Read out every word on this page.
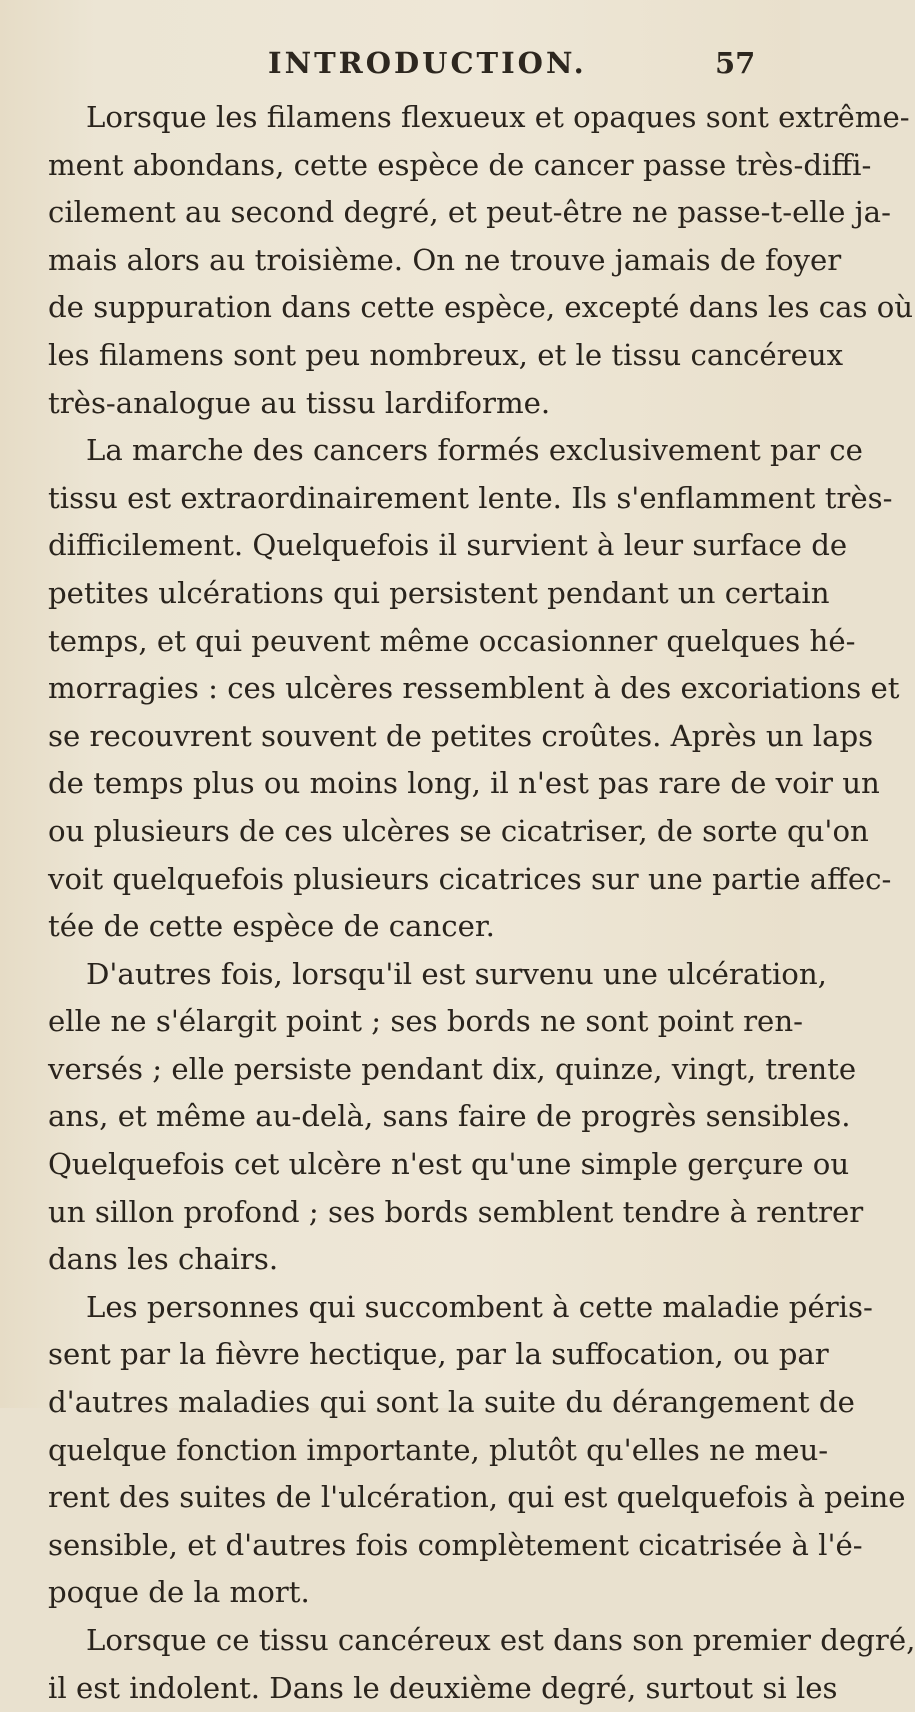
INTRODUCTION.	57
Lorsque les filamens flexueux et opaques sont extrême-
ment abondans, cette espèce de cancer passe très-diffi-
cilement au second degré, et peut-être ne passe-t-elle ja-
mais alors au troisième. On ne trouve jamais de foyer
de suppuration dans cette espèce, excepté dans les cas où
les filamens sont peu nombreux, et le tissu cancéreux
très-analogue au tissu lardiforme.
La marche des cancers formés exclusivement par ce
tissu est extraordinairement lente. Ils s'enflamment très-
difficilement. Quelquefois il survient à leur surface de
petites ulcérations qui persistent pendant un certain
temps, et qui peuvent même occasionner quelques hé-
morragies : ces ulcères ressemblent à des excoriations et
se recouvrent souvent de petites croûtes. Après un laps
de temps plus ou moins long, il n'est pas rare de voir un
ou plusieurs de ces ulcères se cicatriser, de sorte qu'on
voit quelquefois plusieurs cicatrices sur une partie affec-
tée de cette espèce de cancer.
D'autres fois, lorsqu'il est survenu une ulcération,
elle ne s'élargit point ; ses bords ne sont point ren-
versés ; elle persiste pendant dix, quinze, vingt, trente
ans, et même au-delà, sans faire de progrès sensibles.
Quelquefois cet ulcère n'est qu'une simple gerçure ou
un sillon profond ; ses bords semblent tendre à rentrer
dans les chairs.
Les personnes qui succombent à cette maladie péris-
sent par la fièvre hectique, par la suffocation, ou par
d'autres maladies qui sont la suite du dérangement de
quelque fonction importante, plutôt qu'elles ne meu-
rent des suites de l'ulcération, qui est quelquefois à peine
sensible, et d'autres fois complètement cicatrisée à l'é-
poque de la mort.
Lorsque ce tissu cancéreux est dans son premier degré,
il est indolent. Dans le deuxième degré, surtout si les
